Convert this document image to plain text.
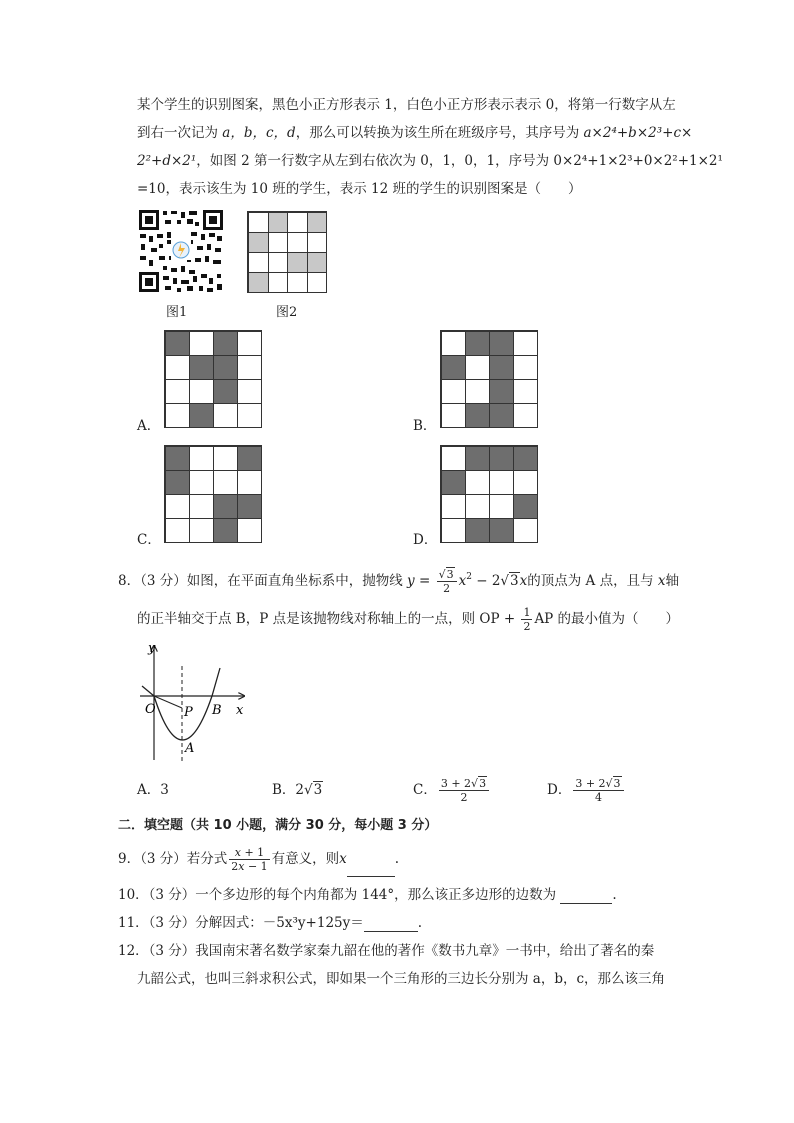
某个学生的识别图案，黑色小正方形表示 1，白色小正方形表示表示 0，将第一行数字从左
到右一次记为 a，b，c，d，那么可以转换为该生所在班级序号，其序号为 a×2⁴+b×2³+c×
2²+d×2¹，如图 2 第一行数字从左到右依次为 0，1，0，1，序号为 0×2⁴+1×2³+0×2²+1×2¹
=10，表示该生为 10 班的学生，表示 12 班的学生的识别图案是（　　）
图1	图2
A．	B．
C．	D．
8．（3 分）如图，在平面直角坐标系中，抛物线 $y = \frac{√3}{2} x^2 - 2√3x$的顶点为 A 点，且与 x轴
的正半轴交于点 B，P 点是该抛物线对称轴上的一点，则 OP + $\frac{1}{2}$ AP 的最小值为（　　）
y
x
O P B
A
A．3	B．2√3	C． $\frac{3 + 2√3}{2}$	D． $\frac{3 + 2√3}{4}$
二．填空题（共 10 小题，满分 30 分，每小题 3 分）
9．（3 分）若分式 $\frac{x + 1}{2x - 1}$ 有意义，则x	.
10．（3 分）一个多边形的每个内角都为 144°，那么该正多边形的边数为	.
11．（3 分）分解因式：－5x³y+125y＝	.
12．（3 分）我国南宋著名数学家秦九韶在他的著作《数书九章》一书中，给出了著名的秦
九韶公式，也叫三斜求积公式，即如果一个三角形的三边长分别为 a，b，c，那么该三角
